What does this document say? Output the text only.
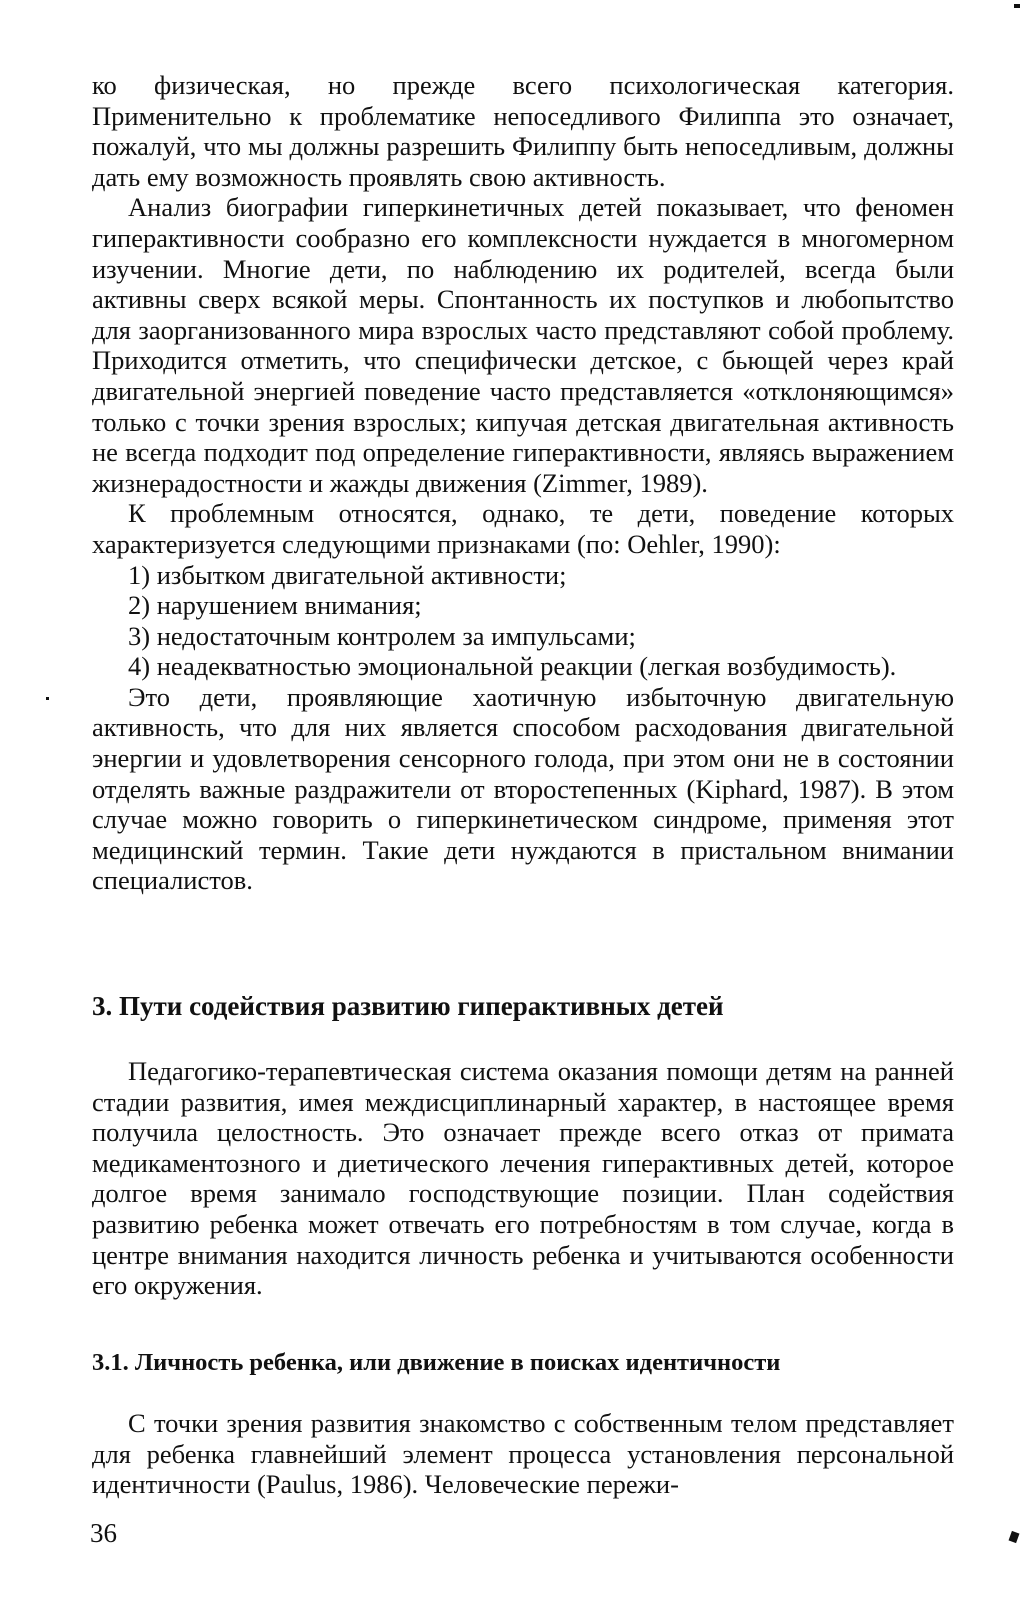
ко физическая, но прежде всего психологическая категория. Применительно к проблематике непоседливого Филиппа это означает, пожалуй, что мы должны разрешить Филиппу быть непоседливым, должны дать ему возможность проявлять свою активность.

Анализ биографии гиперкинетичных детей показывает, что феномен гиперактивности сообразно его комплексности нуждается в многомерном изучении. Многие дети, по наблюдению их родителей, всегда были активны сверх всякой меры. Спонтанность их поступков и любопытство для заорганизованного мира взрослых часто представляют собой проблему. Приходится отметить, что специфически детское, с бьющей через край двигательной энергией поведение часто представляется «отклоняющимся» только с точки зрения взрослых; кипучая детская двигательная активность не всегда подходит под определение гиперактивности, являясь выражением жизнерадостности и жажды движения (Zimmer, 1989).

К проблемным относятся, однако, те дети, поведение которых характеризуется следующими признаками (по: Oehler, 1990):

1) избытком двигательной активности;

2) нарушением внимания;

3) недостаточным контролем за импульсами;

4) неадекватностью эмоциональной реакции (легкая возбудимость).

Это дети, проявляющие хаотичную избыточную двигательную активность, что для них является способом расходования двигательной энергии и удовлетворения сенсорного голода, при этом они не в состоянии отделять важные раздражители от второстепенных (Kiphard, 1987). В этом случае можно говорить о гиперкинетическом синдроме, применяя этот медицинский термин. Такие дети нуждаются в пристальном внимании специалистов.

3. Пути содействия развитию гиперактивных детей

Педагогико-терапевтическая система оказания помощи детям на ранней стадии развития, имея междисциплинарный характер, в настоящее время получила целостность. Это означает прежде всего отказ от примата медикаментозного и диетического лечения гиперактивных детей, которое долгое время занимало господствующие позиции. План содействия развитию ребенка может отвечать его потребностям в том случае, когда в центре внимания находится личность ребенка и учитываются особенности его окружения.

3.1. Личность ребенка, или движение в поисках идентичности

С точки зрения развития знакомство с собственным телом представляет для ребенка главнейший элемент процесса установления персональной идентичности (Paulus, 1986). Человеческие пережи-

36
